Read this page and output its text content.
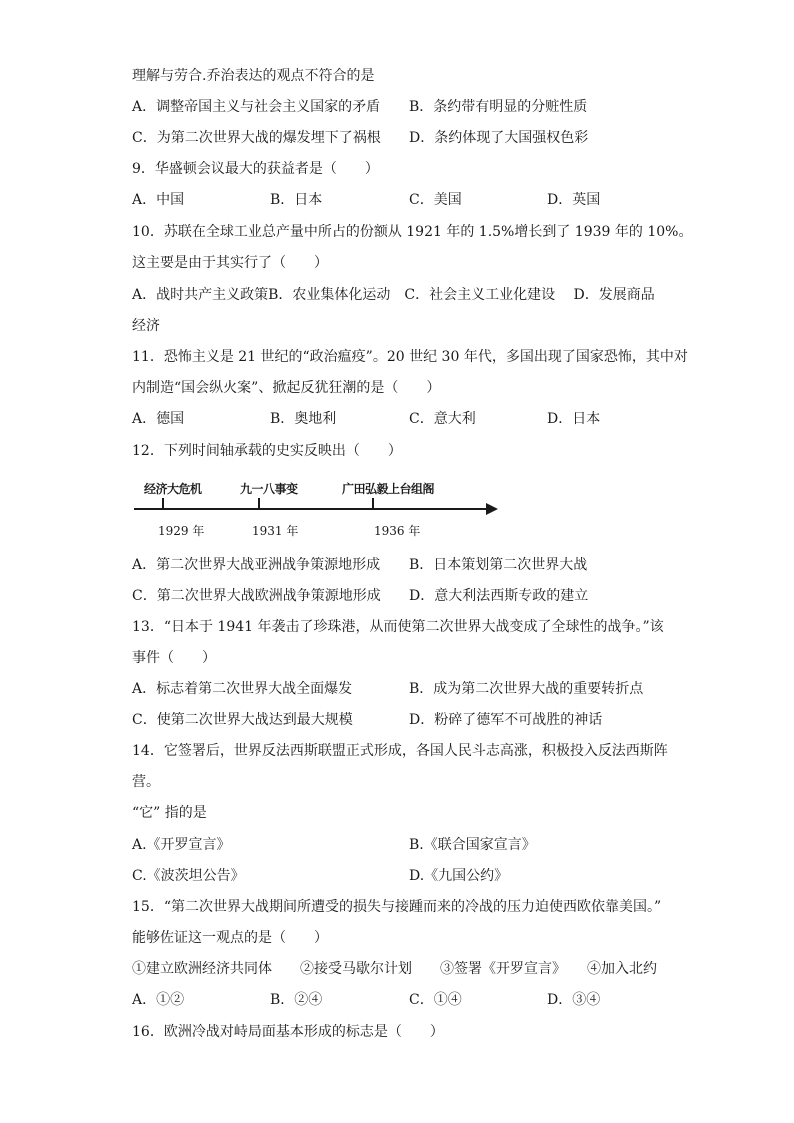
理解与劳合.乔治表达的观点不符合的是
A．调整帝国主义与社会主义国家的矛盾 B．条约带有明显的分赃性质
C．为第二次世界大战的爆发埋下了祸根 D．条约体现了大国强权色彩
9．华盛顿会议最大的获益者是（　　）
A．中国	B．日本	C．美国	D．英国
10．苏联在全球工业总产量中所占的份额从 1921 年的 1.5%增长到了 1939 年的 10%。
这主要是由于其实行了（　　）
A．战时共产主义政策B．农业集体化运动　C．社会主义工业化建设　 D．发展商品
经济
11．恐怖主义是 21 世纪的“政治瘟疫”。20 世纪 30 年代，多国出现了国家恐怖，其中对
内制造“国会纵火案”、掀起反犹狂潮的是（　　）
A．德国	B．奥地利	C．意大利	D．日本
12．下列时间轴承载的史实反映出（　　）
经济大危机	九一八事变	广田弘毅上台组阁
1929 年	1931 年	1936 年
A．第二次世界大战亚洲战争策源地形成 B．日本策划第二次世界大战
C．第二次世界大战欧洲战争策源地形成 D．意大利法西斯专政的建立
13．“日本于 1941 年袭击了珍珠港，从而使第二次世界大战变成了全球性的战争。”该
事件（　　）
A．标志着第二次世界大战全面爆发	B．成为第二次世界大战的重要转折点
C．使第二次世界大战达到最大规模	D．粉碎了德军不可战胜的神话
14．它签署后，世界反法西斯联盟正式形成，各国人民斗志高涨，积极投入反法西斯阵
营。
“它” 指的是
A.《开罗宣言》	B.《联合国家宣言》
C.《波茨坦公告》	D.《九国公约》
15．“第二次世界大战期间所遭受的损失与接踵而来的冷战的压力迫使西欧依靠美国。”
能够佐证这一观点的是（　　）
①建立欧洲经济共同体　　②接受马歇尔计划　　③签署《开罗宣言》　　④加入北约
A．①②	B．②④	C．①④	D．③④
16．欧洲冷战对峙局面基本形成的标志是（　　）
